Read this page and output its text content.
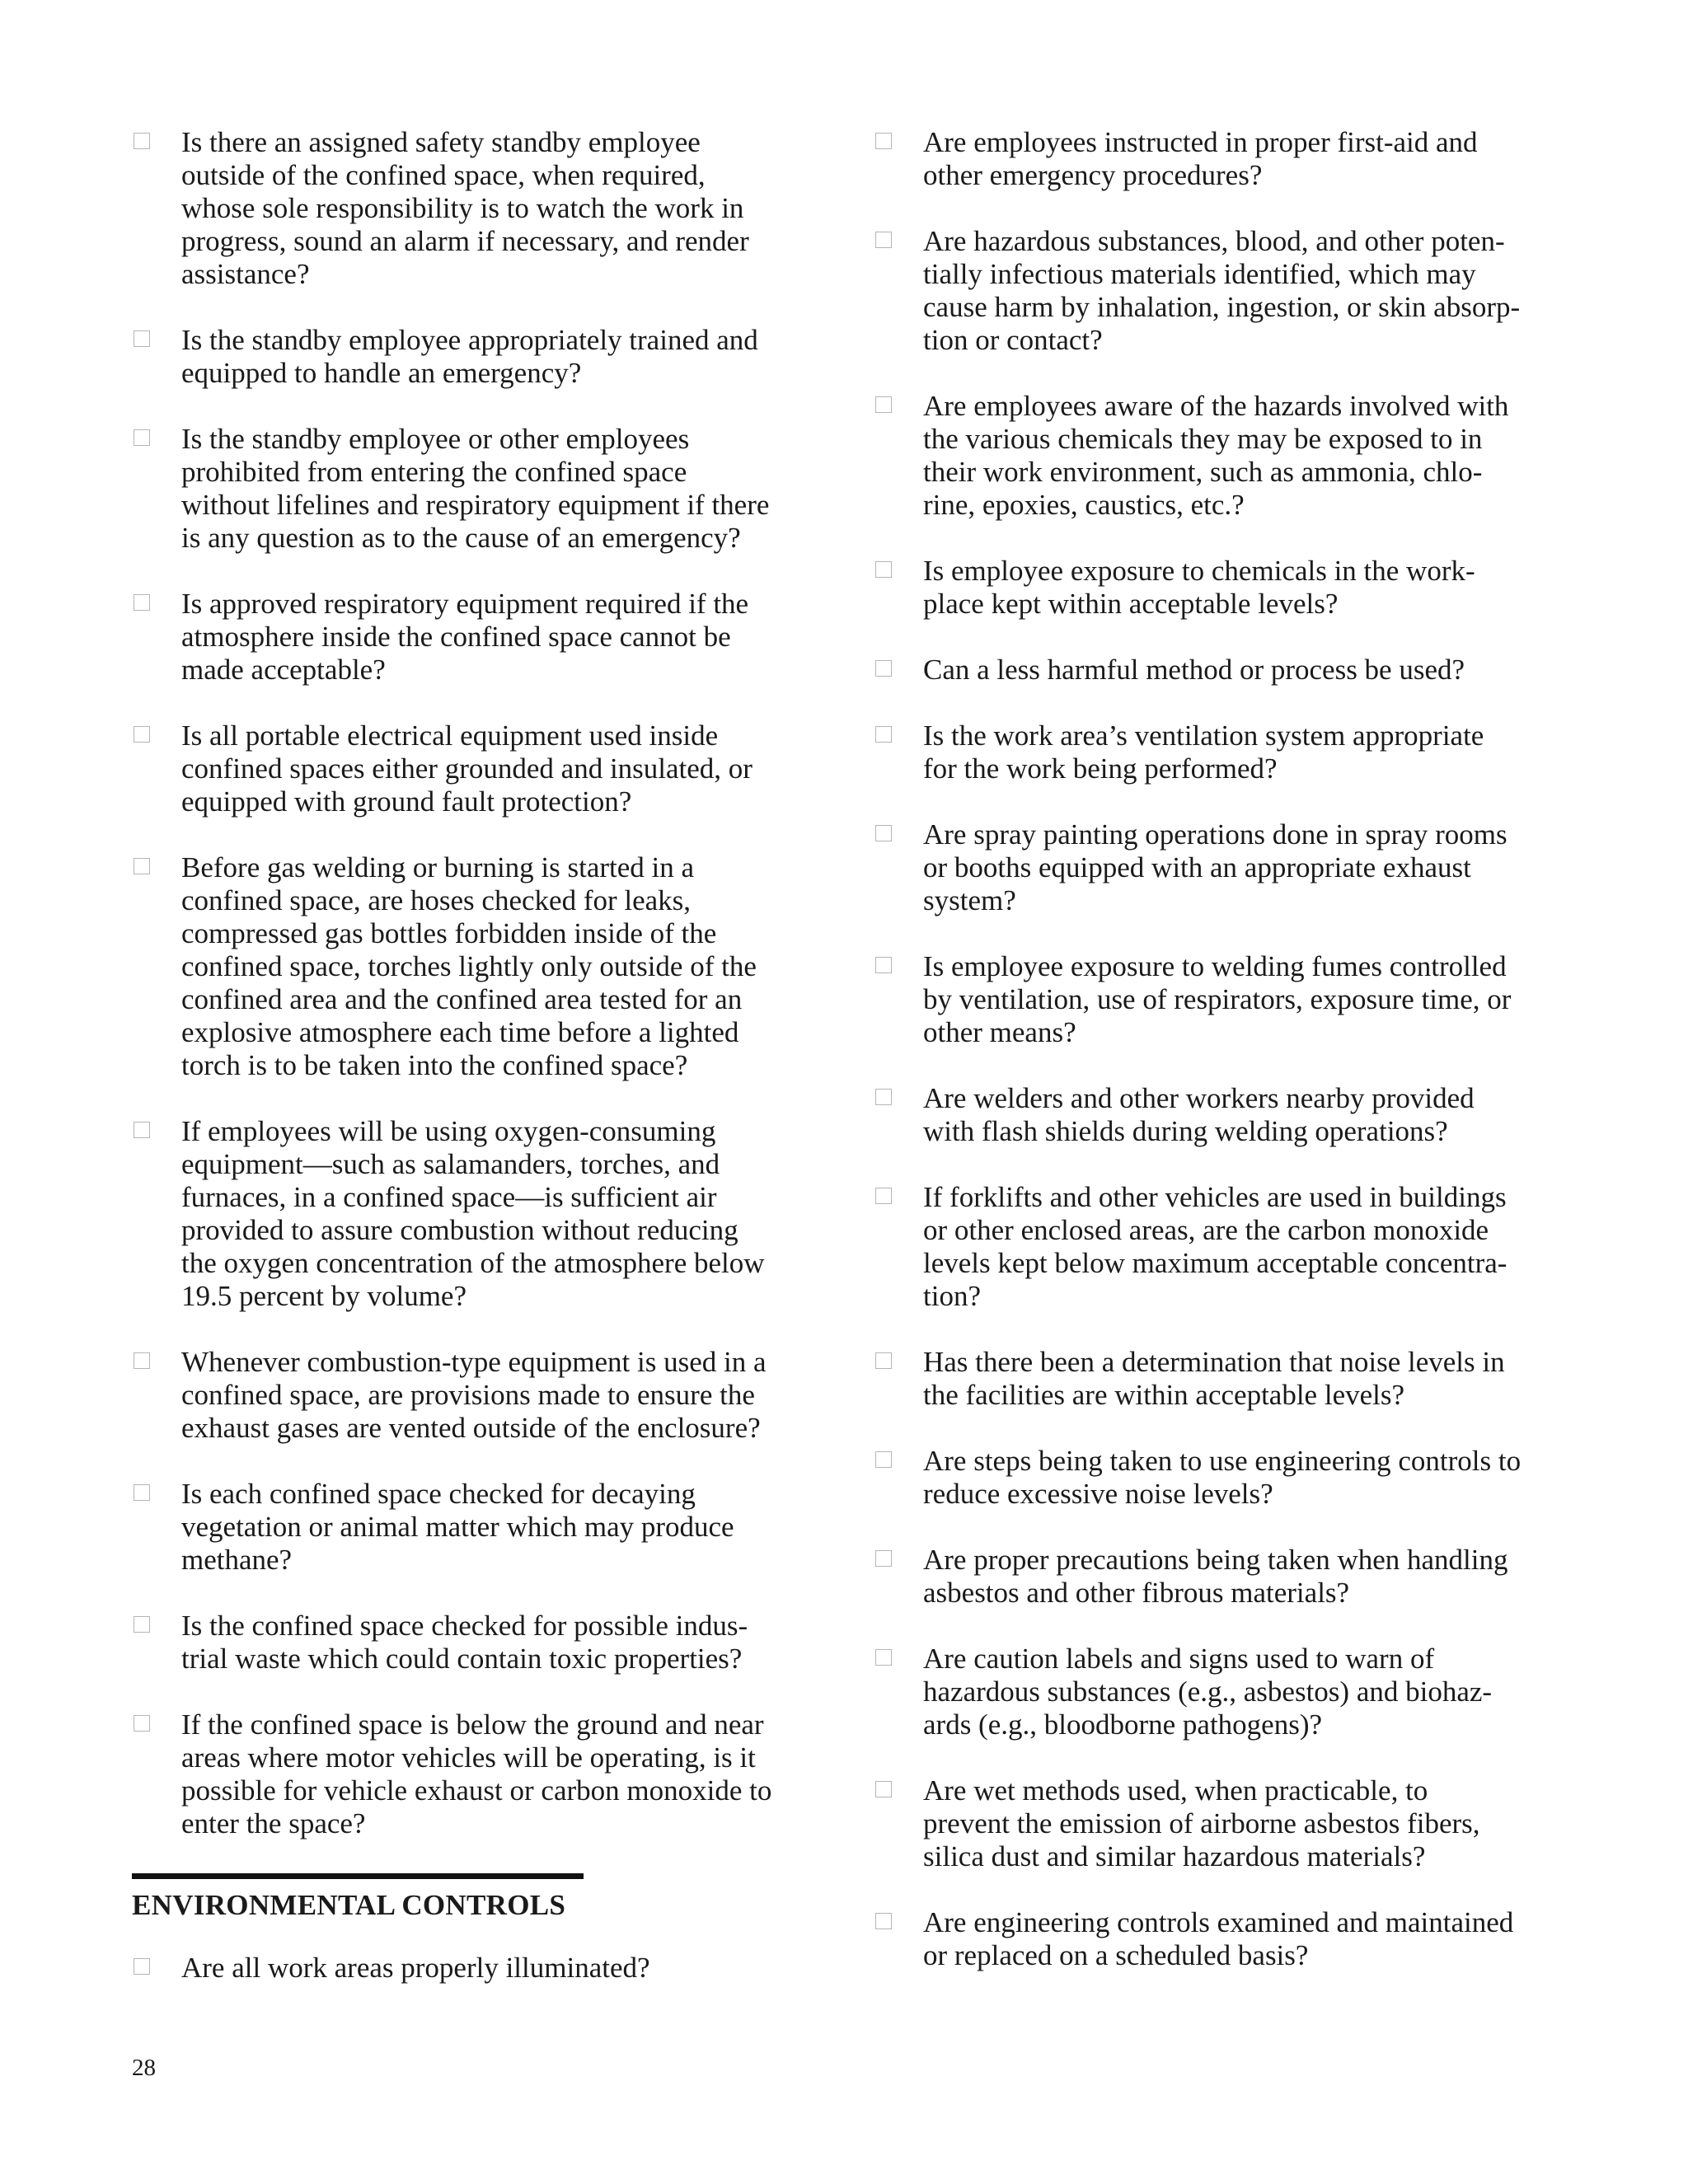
Is there an assigned safety standby employee
outside of the confined space, when required,
whose sole responsibility is to watch the work in
progress, sound an alarm if necessary, and render
assistance?
Is the standby employee appropriately trained and
equipped to handle an emergency?
Is the standby employee or other employees
prohibited from entering the confined space
without lifelines and respiratory equipment if there
is any question as to the cause of an emergency?
Is approved respiratory equipment required if the
atmosphere inside the confined space cannot be
made acceptable?
Is all portable electrical equipment used inside
confined spaces either grounded and insulated, or
equipped with ground fault protection?
Before gas welding or burning is started in a
confined space, are hoses checked for leaks,
compressed gas bottles forbidden inside of the
confined space, torches lightly only outside of the
confined area and the confined area tested for an
explosive atmosphere each time before a lighted
torch is to be taken into the confined space?
If employees will be using oxygen-consuming
equipment—such as salamanders, torches, and
furnaces, in a confined space—is sufficient air
provided to assure combustion without reducing
the oxygen concentration of the atmosphere below
19.5 percent by volume?
Whenever combustion-type equipment is used in a
confined space, are provisions made to ensure the
exhaust gases are vented outside of the enclosure?
Is each confined space checked for decaying
vegetation or animal matter which may produce
methane?
Is the confined space checked for possible indus-
trial waste which could contain toxic properties?
If the confined space is below the ground and near
areas where motor vehicles will be operating, is it
possible for vehicle exhaust or carbon monoxide to
enter the space?
ENVIRONMENTAL CONTROLS
Are all work areas properly illuminated?
Are employees instructed in proper first-aid and
other emergency procedures?
Are hazardous substances, blood, and other poten-
tially infectious materials identified, which may
cause harm by inhalation, ingestion, or skin absorp-
tion or contact?
Are employees aware of the hazards involved with
the various chemicals they may be exposed to in
their work environment, such as ammonia, chlo-
rine, epoxies, caustics, etc.?
Is employee exposure to chemicals in the work-
place kept within acceptable levels?
Can a less harmful method or process be used?
Is the work area’s ventilation system appropriate
for the work being performed?
Are spray painting operations done in spray rooms
or booths equipped with an appropriate exhaust
system?
Is employee exposure to welding fumes controlled
by ventilation, use of respirators, exposure time, or
other means?
Are welders and other workers nearby provided
with flash shields during welding operations?
If forklifts and other vehicles are used in buildings
or other enclosed areas, are the carbon monoxide
levels kept below maximum acceptable concentra-
tion?
Has there been a determination that noise levels in
the facilities are within acceptable levels?
Are steps being taken to use engineering controls to
reduce excessive noise levels?
Are proper precautions being taken when handling
asbestos and other fibrous materials?
Are caution labels and signs used to warn of
hazardous substances (e.g., asbestos) and biohaz-
ards (e.g., bloodborne pathogens)?
Are wet methods used, when practicable, to
prevent the emission of airborne asbestos fibers,
silica dust and similar hazardous materials?
Are engineering controls examined and maintained
or replaced on a scheduled basis?
28
